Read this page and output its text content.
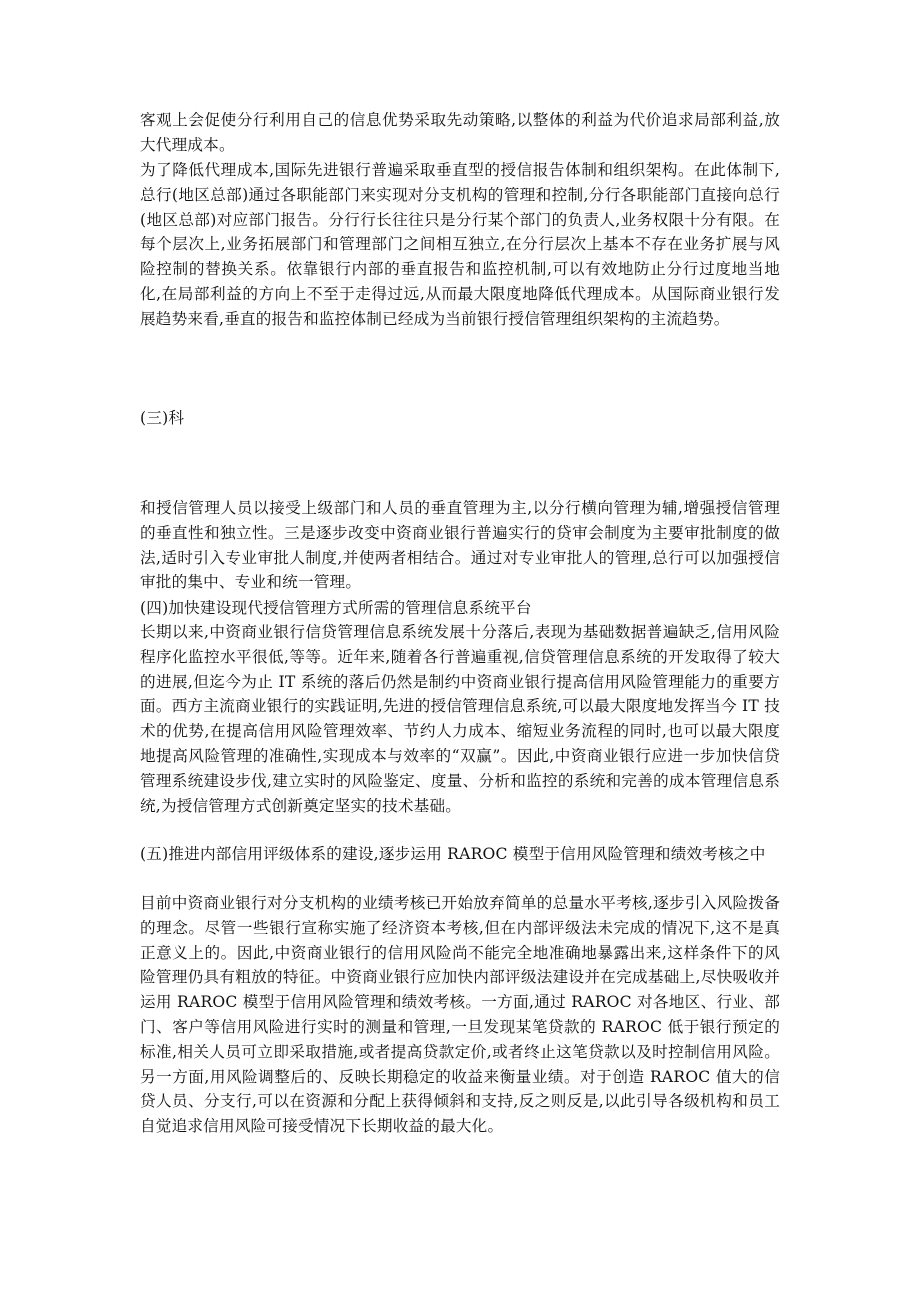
客观上会促使分行利用自己的信息优势采取先动策略,以整体的利益为代价追求局部利益,放大代理成本。

为了降低代理成本,国际先进银行普遍采取垂直型的授信报告体制和组织架构。在此体制下,总行(地区总部)通过各职能部门来实现对分支机构的管理和控制,分行各职能部门直接向总行(地区总部)对应部门报告。分行行长往往只是分行某个部门的负责人,业务权限十分有限。在每个层次上,业务拓展部门和管理部门之间相互独立,在分行层次上基本不存在业务扩展与风险控制的替换关系。依靠银行内部的垂直报告和监控机制,可以有效地防止分行过度地当地化,在局部利益的方向上不至于走得过远,从而最大限度地降低代理成本。从国际商业银行发展趋势来看,垂直的报告和监控体制已经成为当前银行授信管理组织架构的主流趋势。

(三)科

和授信管理人员以接受上级部门和人员的垂直管理为主,以分行横向管理为辅,增强授信管理的垂直性和独立性。三是逐步改变中资商业银行普遍实行的贷审会制度为主要审批制度的做法,适时引入专业审批人制度,并使两者相结合。通过对专业审批人的管理,总行可以加强授信审批的集中、专业和统一管理。

(四)加快建设现代授信管理方式所需的管理信息系统平台

长期以来,中资商业银行信贷管理信息系统发展十分落后,表现为基础数据普遍缺乏,信用风险程序化监控水平很低,等等。近年来,随着各行普遍重视,信贷管理信息系统的开发取得了较大的进展,但迄今为止 IT 系统的落后仍然是制约中资商业银行提高信用风险管理能力的重要方面。西方主流商业银行的实践证明,先进的授信管理信息系统,可以最大限度地发挥当今 IT 技术的优势,在提高信用风险管理效率、节约人力成本、缩短业务流程的同时,也可以最大限度地提高风险管理的准确性,实现成本与效率的“双赢”。因此,中资商业银行应进一步加快信贷管理系统建设步伐,建立实时的风险鉴定、度量、分析和监控的系统和完善的成本管理信息系统,为授信管理方式创新奠定坚实的技术基础。

(五)推进内部信用评级体系的建设,逐步运用 RAROC 模型于信用风险管理和绩效考核之中

目前中资商业银行对分支机构的业绩考核已开始放弃简单的总量水平考核,逐步引入风险拨备的理念。尽管一些银行宣称实施了经济资本考核,但在内部评级法未完成的情况下,这不是真正意义上的。因此,中资商业银行的信用风险尚不能完全地准确地暴露出来,这样条件下的风险管理仍具有粗放的特征。中资商业银行应加快内部评级法建设并在完成基础上,尽快吸收并运用 RAROC 模型于信用风险管理和绩效考核。一方面,通过 RAROC 对各地区、行业、部门、客户等信用风险进行实时的测量和管理,一旦发现某笔贷款的 RAROC 低于银行预定的标准,相关人员可立即采取措施,或者提高贷款定价,或者终止这笔贷款以及时控制信用风险。另一方面,用风险调整后的、反映长期稳定的收益来衡量业绩。对于创造 RAROC 值大的信贷人员、分支行,可以在资源和分配上获得倾斜和支持,反之则反是,以此引导各级机构和员工自觉追求信用风险可接受情况下长期收益的最大化。
